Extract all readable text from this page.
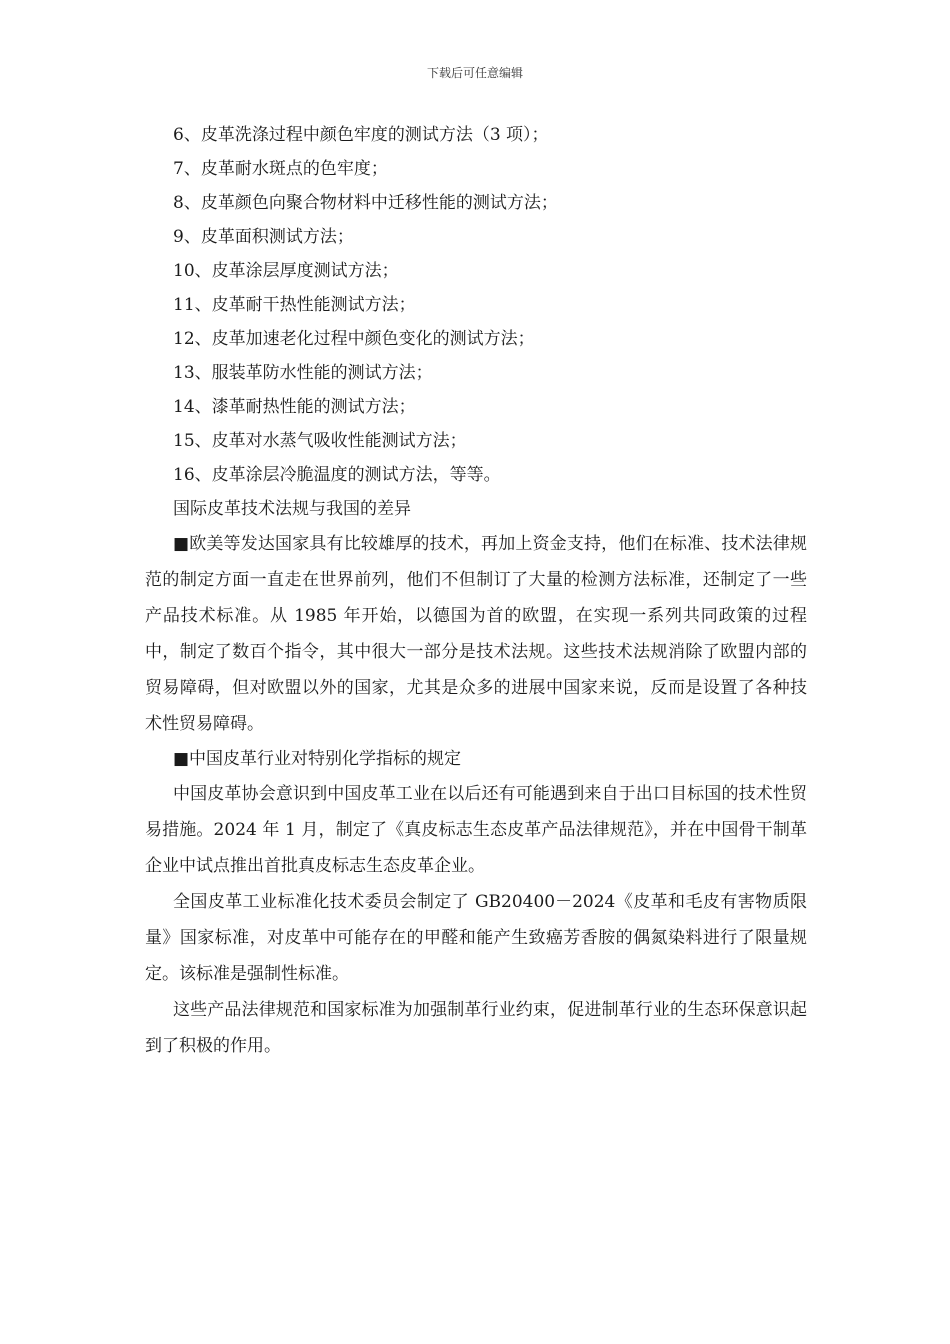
下载后可任意编辑
6、皮革洗涤过程中颜色牢度的测试方法（3 项）；
7、皮革耐水斑点的色牢度；
8、皮革颜色向聚合物材料中迁移性能的测试方法；
9、皮革面积测试方法；
10、皮革涂层厚度测试方法；
11、皮革耐干热性能测试方法；
12、皮革加速老化过程中颜色变化的测试方法；
13、服装革防水性能的测试方法；
14、漆革耐热性能的测试方法；
15、皮革对水蒸气吸收性能测试方法；
16、皮革涂层冷脆温度的测试方法，等等。
国际皮革技术法规与我国的差异

■欧美等发达国家具有比较雄厚的技术，再加上资金支持，他们在标准、技术法律规范的制定方面一直走在世界前列，他们不但制订了大量的检测方法标准，还制定了一些产品技术标准。从 1985 年开始，以德国为首的欧盟，在实现一系列共同政策的过程中，制定了数百个指令，其中很大一部分是技术法规。这些技术法规消除了欧盟内部的贸易障碍，但对欧盟以外的国家，尤其是众多的进展中国家来说，反而是设置了各种技术性贸易障碍。

■中国皮革行业对特别化学指标的规定

中国皮革协会意识到中国皮革工业在以后还有可能遇到来自于出口目标国的技术性贸易措施。2024 年 1 月，制定了《真皮标志生态皮革产品法律规范》，并在中国骨干制革企业中试点推出首批真皮标志生态皮革企业。

全国皮革工业标准化技术委员会制定了 GB20400－2024《皮革和毛皮有害物质限量》国家标准，对皮革中可能存在的甲醛和能产生致癌芳香胺的偶氮染料进行了限量规定。该标准是强制性标准。

这些产品法律规范和国家标准为加强制革行业约束，促进制革行业的生态环保意识起到了积极的作用。
